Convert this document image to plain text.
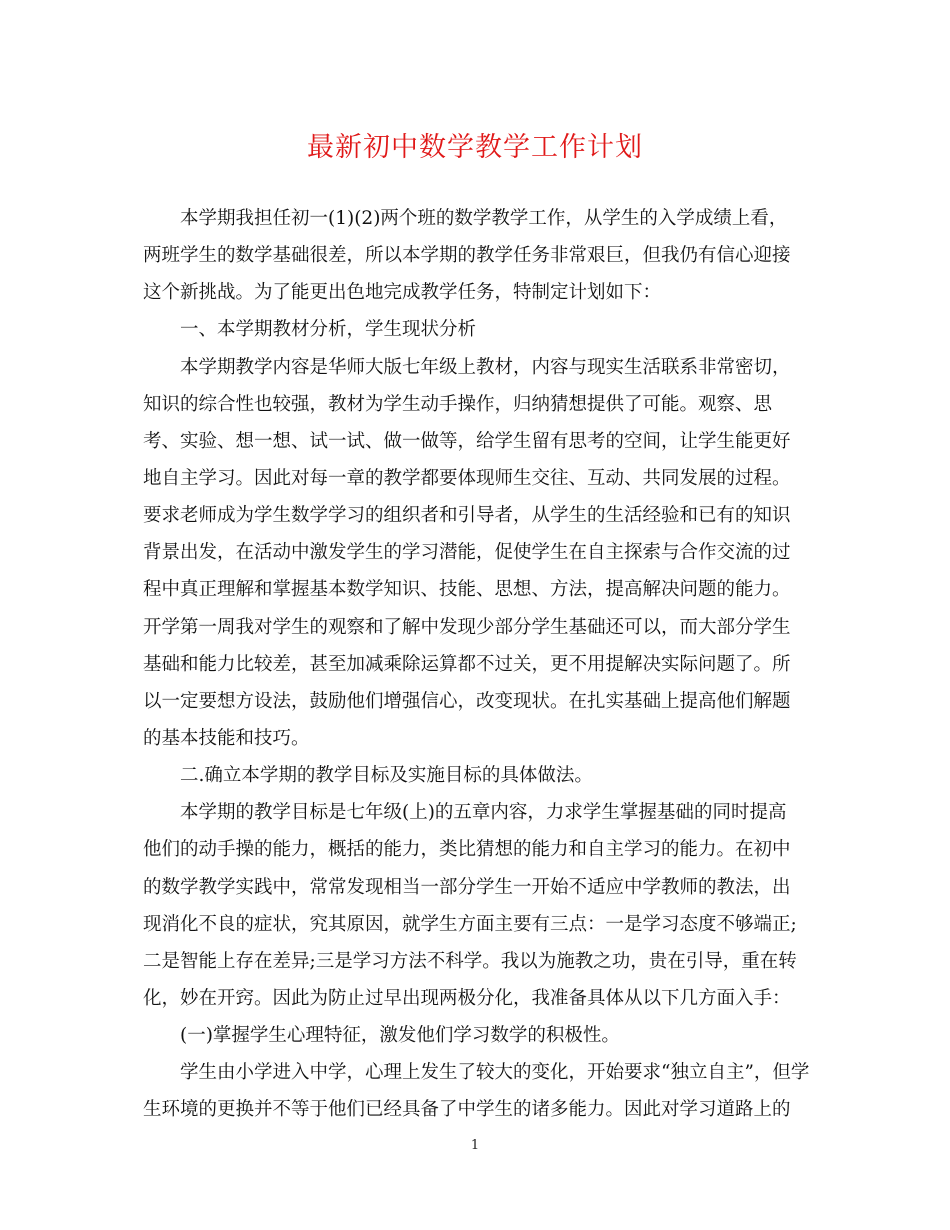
最新初中数学教学工作计划
本学期我担任初一(1)(2)两个班的数学教学工作，从学生的入学成绩上看，
两班学生的数学基础很差，所以本学期的教学任务非常艰巨，但我仍有信心迎接
这个新挑战。为了能更出色地完成教学任务，特制定计划如下：
一、本学期教材分析，学生现状分析
本学期教学内容是华师大版七年级上教材，内容与现实生活联系非常密切，
知识的综合性也较强，教材为学生动手操作，归纳猜想提供了可能。观察、思
考、实验、想一想、试一试、做一做等，给学生留有思考的空间，让学生能更好
地自主学习。因此对每一章的教学都要体现师生交往、互动、共同发展的过程。
要求老师成为学生数学学习的组织者和引导者，从学生的生活经验和已有的知识
背景出发，在活动中激发学生的学习潜能，促使学生在自主探索与合作交流的过
程中真正理解和掌握基本数学知识、技能、思想、方法，提高解决问题的能力。
开学第一周我对学生的观察和了解中发现少部分学生基础还可以，而大部分学生
基础和能力比较差，甚至加减乘除运算都不过关，更不用提解决实际问题了。所
以一定要想方设法，鼓励他们增强信心，改变现状。在扎实基础上提高他们解题
的基本技能和技巧。
二.确立本学期的教学目标及实施目标的具体做法。
本学期的教学目标是七年级(上)的五章内容，力求学生掌握基础的同时提高
他们的动手操的能力，概括的能力，类比猜想的能力和自主学习的能力。在初中
的数学教学实践中，常常发现相当一部分学生一开始不适应中学教师的教法，出
现消化不良的症状，究其原因，就学生方面主要有三点：一是学习态度不够端正;
二是智能上存在差异;三是学习方法不科学。我以为施教之功，贵在引导，重在转
化，妙在开窍。因此为防止过早出现两极分化，我准备具体从以下几方面入手：
(一)掌握学生心理特征，激发他们学习数学的积极性。
学生由小学进入中学，心理上发生了较大的变化，开始要求“独立自主”，但学
生环境的更换并不等于他们已经具备了中学生的诸多能力。因此对学习道路上的
1
